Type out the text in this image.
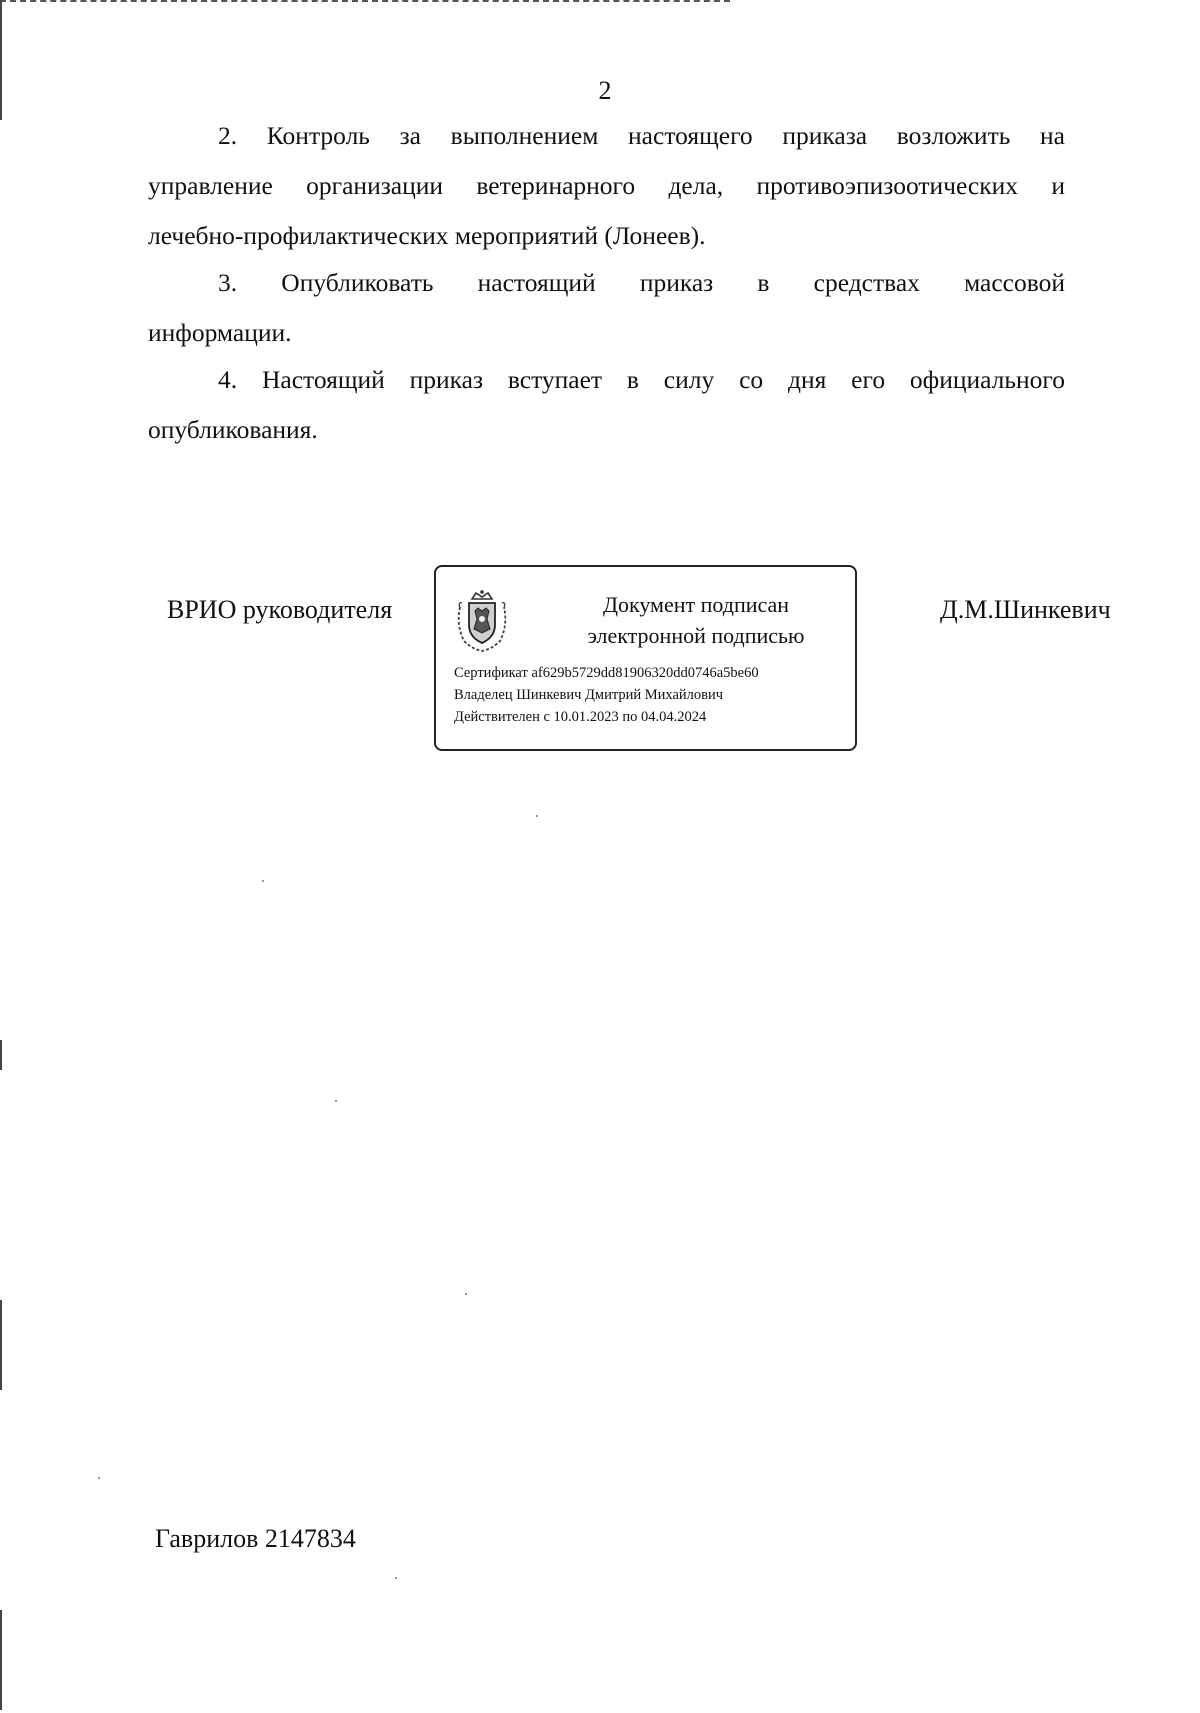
2
2. Контроль за выполнением настоящего приказа возложить на
управление организации ветеринарного дела, противоэпизоотических и
лечебно-профилактических мероприятий (Лонеев).
3. Опубликовать настоящий приказ в средствах массовой
информации.
4. Настоящий приказ вступает в силу со дня его официального
опубликования.
ВРИО руководителя	Документ подписан
электронной подписью
Сертификат af629b5729dd81906320dd0746a5be60
Владелец Шинкевич Дмитрий Михайлович
Действителен с 10.01.2023 по 04.04.2024
Д.М.Шинкевич
Гаврилов 2147834
